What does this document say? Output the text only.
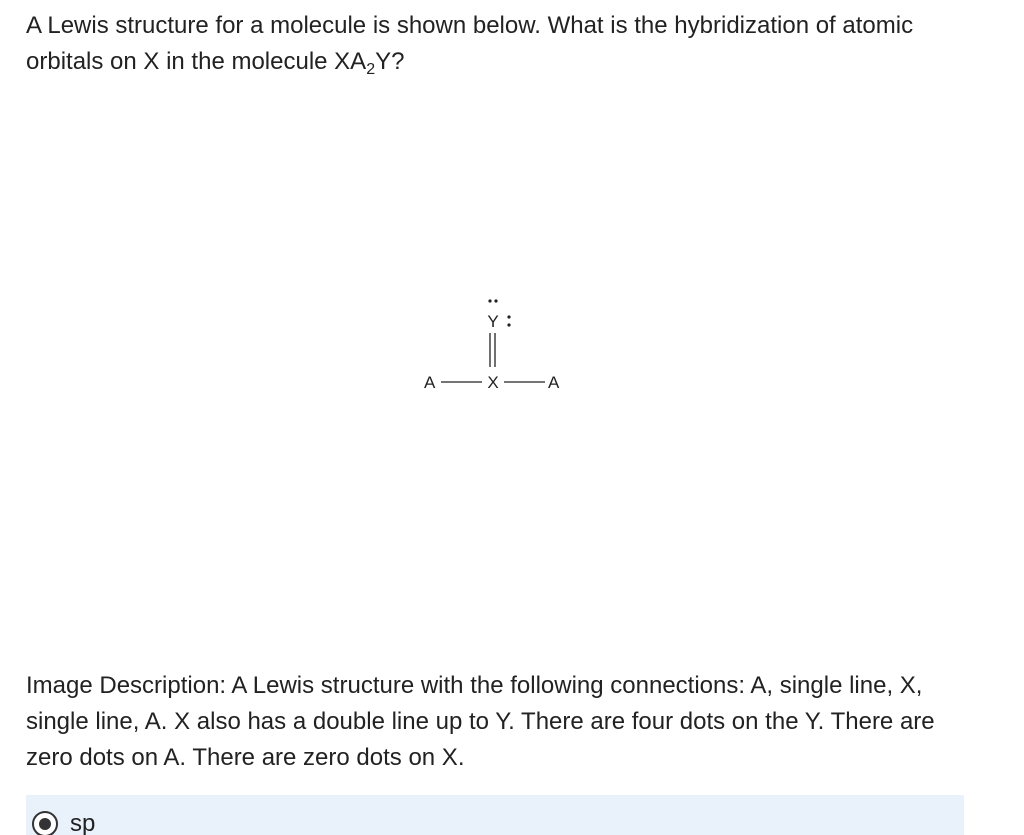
A Lewis structure for a molecule is shown below. What is the hybridization of atomic orbitals on X in the molecule $XA_2Y$?

Y
A	X	A

Image Description: A Lewis structure with the following connections: A, single line, X, single line, A. X also has a double line up to Y. There are four dots on the Y. There are zero dots on A. There are zero dots on X.

sp
